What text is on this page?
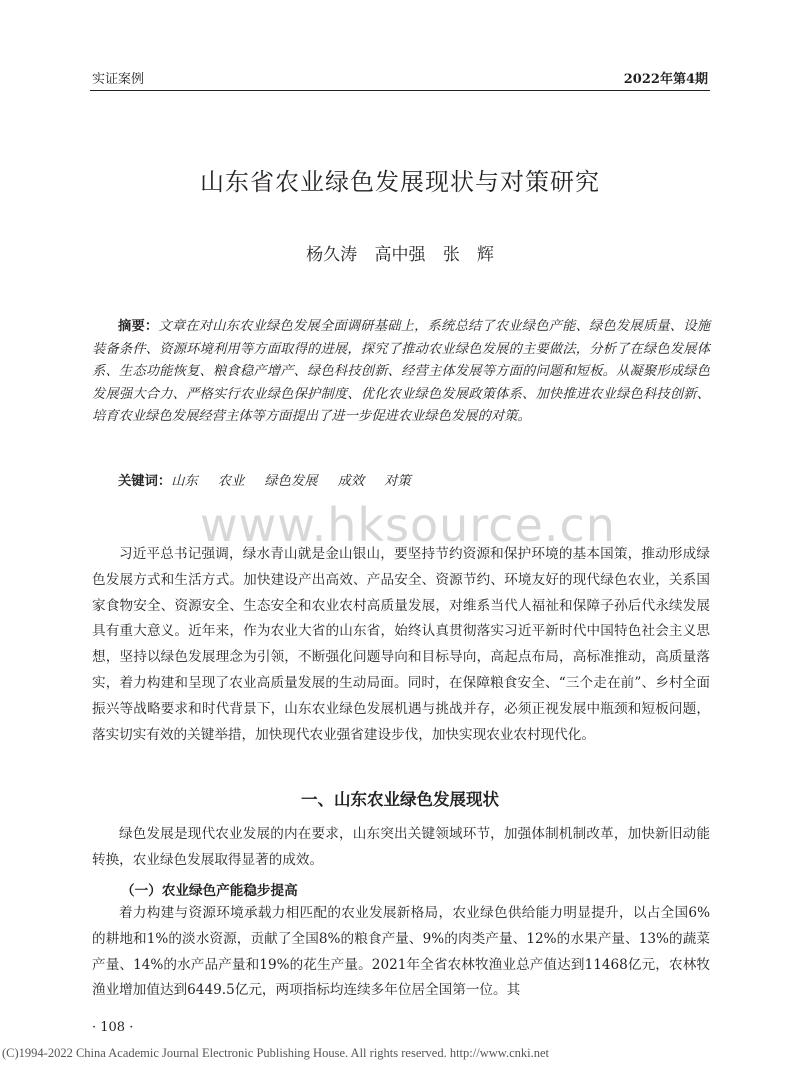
实证案例	2022年第4期
山东省农业绿色发展现状与对策研究
杨久涛 高中强 张　辉

摘要：文章在对山东农业绿色发展全面调研基础上，系统总结了农业绿色产能、绿色发展质量、设施装备条件、资源环境利用等方面取得的进展，探究了推动农业绿色发展的主要做法，分析了在绿色发展体系、生态功能恢复、粮食稳产增产、绿色科技创新、经营主体发展等方面的问题和短板。从凝聚形成绿色发展强大合力、严格实行农业绿色保护制度、优化农业绿色发展政策体系、加快推进农业绿色科技创新、培育农业绿色发展经营主体等方面提出了进一步促进农业绿色发展的对策。

关键词：山东 农业 绿色发展 成效 对策
www.hksource.cn

习近平总书记强调，绿水青山就是金山银山，要坚持节约资源和保护环境的基本国策，推动形成绿色发展方式和生活方式。加快建设产出高效、产品安全、资源节约、环境友好的现代绿色农业，关系国家食物安全、资源安全、生态安全和农业农村高质量发展，对维系当代人福祉和保障子孙后代永续发展具有重大意义。近年来，作为农业大省的山东省，始终认真贯彻落实习近平新时代中国特色社会主义思想，坚持以绿色发展理念为引领，不断强化问题导向和目标导向，高起点布局，高标准推动，高质量落实，着力构建和呈现了农业高质量发展的生动局面。同时，在保障粮食安全、“三个走在前”、乡村全面振兴等战略要求和时代背景下，山东农业绿色发展机遇与挑战并存，必须正视发展中瓶颈和短板问题，落实切实有效的关键举措，加快现代农业强省建设步伐，加快实现农业农村现代化。

一、山东农业绿色发展现状

绿色发展是现代农业发展的内在要求，山东突出关键领域环节，加强体制机制改革，加快新旧动能转换，农业绿色发展取得显著的成效。

（一）农业绿色产能稳步提高

着力构建与资源环境承载力相匹配的农业发展新格局，农业绿色供给能力明显提升，以占全国6%的耕地和1%的淡水资源，贡献了全国8%的粮食产量、9%的肉类产量、12%的水果产量、13%的蔬菜产量、14%的水产品产量和19%的花生产量。2021年全省农林牧渔业总产值达到11468亿元，农林牧渔业增加值达到6449.5亿元，两项指标均连续多年位居全国第一位。其

· 108 ·
(C)1994-2022 China Academic Journal Electronic Publishing House. All rights reserved. http://www.cnki.net
